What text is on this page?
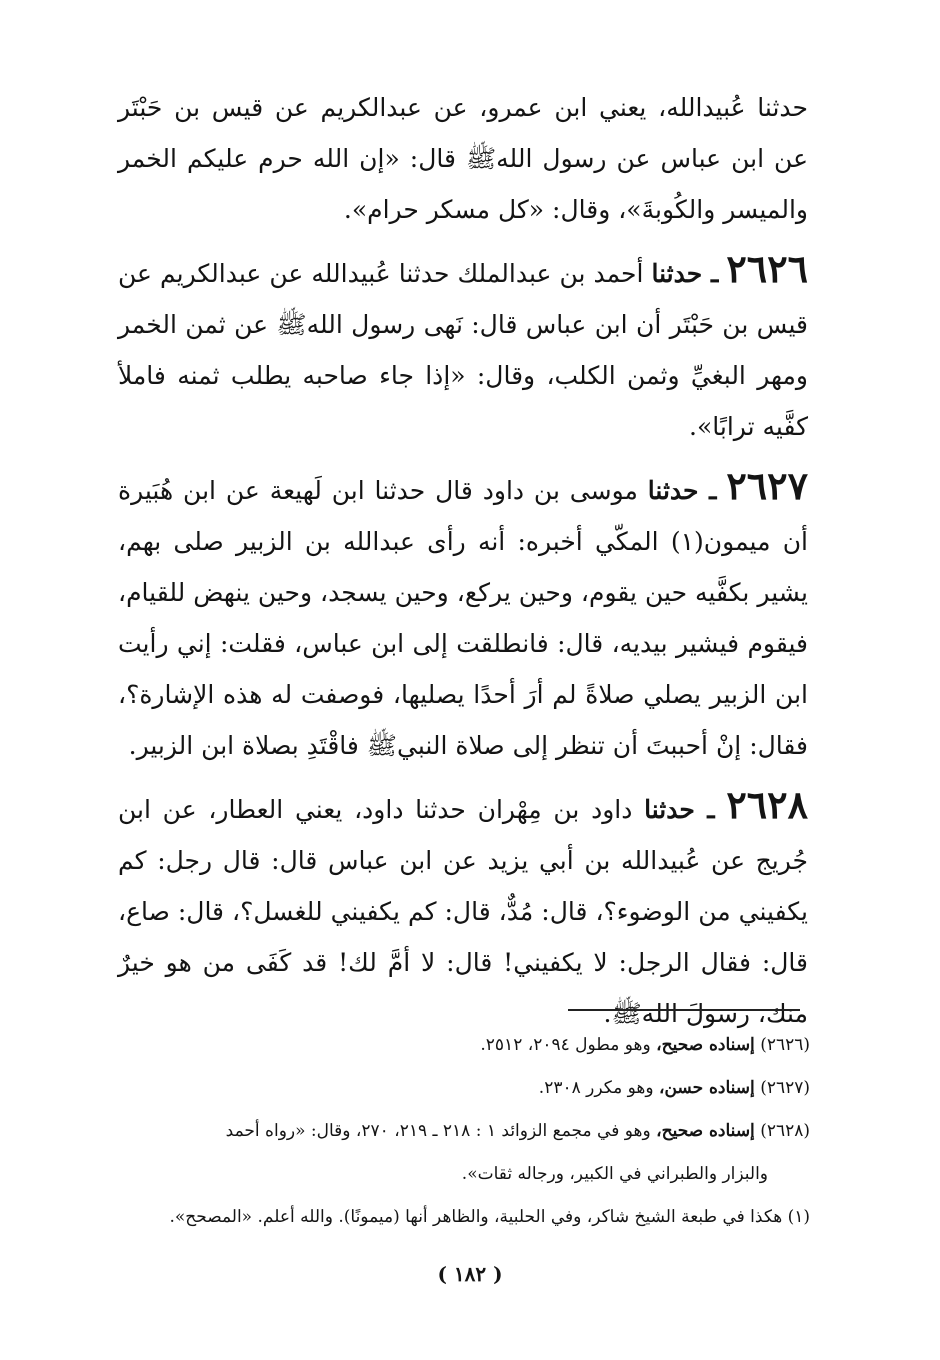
حدثنا عُبيدالله، يعني ابن عمرو، عن عبدالكريم عن قيس بن حَبْتَر عن ابن عباس عن رسول اللهﷺ قال: «إن الله حرم عليكم الخمر والميسر والكُوبةَ»، وقال: «كل مسكر حرام».

٢٦٢٦ ـ حدثنا أحمد بن عبدالملك حدثنا عُبيدالله عن عبدالكريم عن قيس بن حَبْتَر أن ابن عباس قال: نَهى رسول اللهﷺ عن ثمن الخمر ومهر البغيِّ وثمن الكلب، وقال: «إذا جاء صاحبه يطلب ثمنه فاملأ كفَّيه ترابًا».

٢٦٢٧ ـ حدثنا موسى بن داود قال حدثنا ابن لَهيعة عن ابن هُبَيرة أن ميمون(١) المكّي أخبره: أنه رأى عبدالله بن الزبير صلى بهم، يشير بكفَّيه حين يقوم، وحين يركع، وحين يسجد، وحين ينهض للقيام، فيقوم فيشير بيديه، قال: فانطلقت إلى ابن عباس، فقلت: إني رأيت ابن الزبير يصلي صلاةً لم أرَ أحدًا يصليها، فوصفت له هذه الإشارة؟، فقال: إنْ أحببتَ أن تنظر إلى صلاة النبيﷺ فاقْتَدِ بصلاة ابن الزبير.

٢٦٢٨ ـ حدثنا داود بن مِهْران حدثنا داود، يعني العطار، عن ابن جُريج عن عُبيدالله بن أبي يزيد عن ابن عباس قال: قال رجل: كم يكفيني من الوضوء؟، قال: مُدٌّ، قال: كم يكفيني للغسل؟، قال: صاع، قال: فقال الرجل: لا يكفيني! قال: لا أمَّ لك! قد كَفَى من هو خيرٌ منك، رسولَ اللهﷺ.

(٢٦٢٦) إسناده صحيح، وهو مطول ٢٠٩٤، ٢٥١٢.

(٢٦٢٧) إسناده حسن، وهو مكرر ٢٣٠٨.

(٢٦٢٨) إسناده صحيح، وهو في مجمع الزوائد ١ : ٢١٨ ـ ٢١٩، ٢٧٠، وقال: «رواه أحمد

والبزار والطبراني في الكبير، ورجاله ثقات».

(١) هكذا في طبعة الشيخ شاكر، وفي الحلبية، والظاهر أنها (ميمونًا). والله أعلم. «المصحح».

( ١٨٢ )
